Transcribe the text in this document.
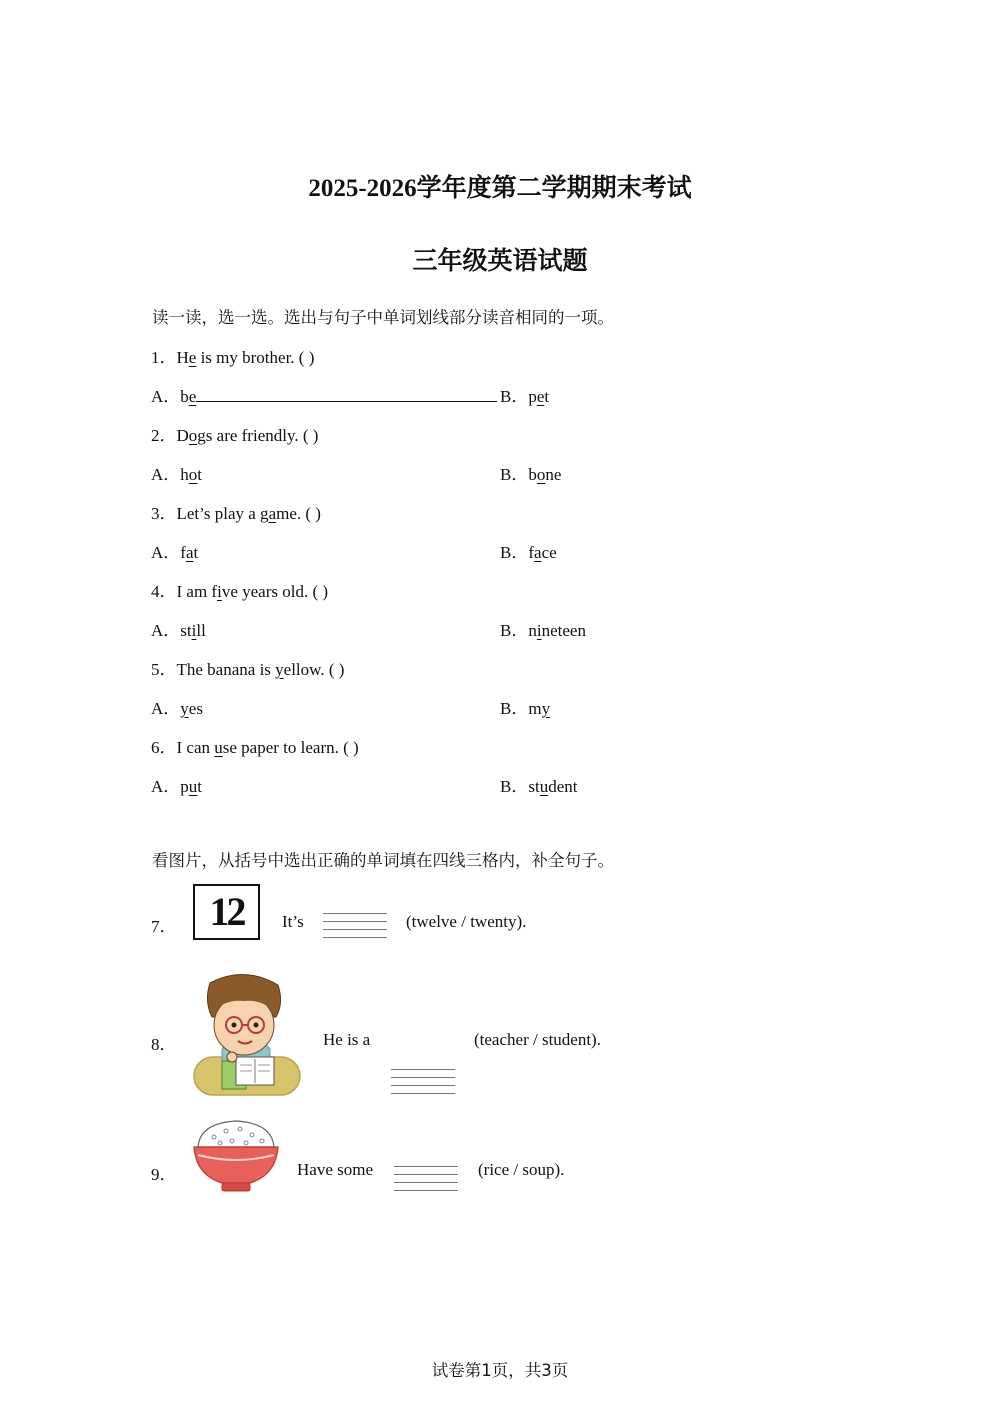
2025-2026学年度第二学期期末考试
三年级英语试题
读一读，选一选。选出与句子中单词划线部分读音相同的一项。
1．He is my brother. ( )
A．be	B．pet
2．Dogs are friendly. ( )
A．hot	B．bone
3．Let’s play a game. ( )
A．fat	B．face
4．I am five years old. ( )
A．still	B．nineteen
5．The banana is yellow. ( )
A．yes	B．my
6．I can use paper to learn. ( )
A．put	B．student
看图片，从括号中选出正确的单词填在四线三格内，补全句子。
7． 12	It’s	(twelve / twenty).
8．	He is a	(teacher / student).
9．	Have some	(rice / soup).
试卷第1页，共3页
